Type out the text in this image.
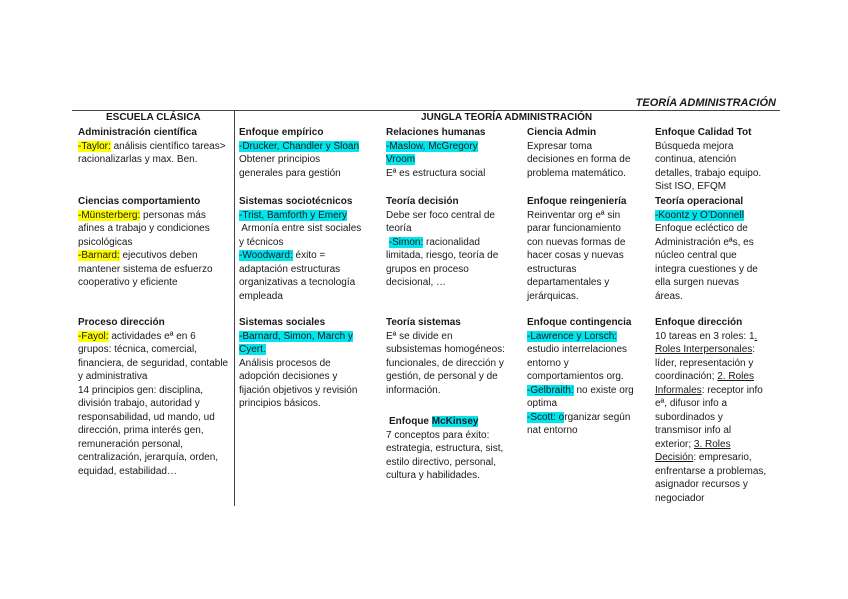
TEORÍA ADMINISTRACIÓN
ESCUELA CLÁSICA	JUNGLA TEORÍA ADMINISTRACIÓN
Administración científica
-Taylor: análisis científico tareas>
racionalizarlas y max. Ben.
Ciencias comportamiento
-Münsterberg: personas más
afines a trabajo y condiciones
psicológicas
-Barnard: ejecutivos deben
mantener sistema de esfuerzo
cooperativo y eficiente
Proceso dirección
-Fayol: actividades eª en 6
grupos: técnica, comercial,
financiera, de seguridad, contable
y administrativa
14 principios gen: disciplina,
división trabajo, autoridad y
responsabilidad, ud mando, ud
dirección, prima interés gen,
remuneración personal,
centralización, jerarquía, orden,
equidad, estabilidad…
Enfoque empírico
-Drucker, Chandler y Sloan
Obtener principios
generales para gestión
Sistemas sociotécnicos
-Trist, Bamforth y Emery
Armonía entre sist sociales
y técnicos
-Woodward: éxito =
adaptación estructuras
organizativas a tecnología
empleada
Sistemas sociales
-Barnard, Simon, March y
Cyert.
Análisis procesos de
adopción decisiones y
fijación objetivos y revisión
principios básicos.
Relaciones humanas
-Maslow, McGregory
Vroom
Eª es estructura social
Teoría decisión
Debe ser foco central de
teoría
-Simon: racionalidad
limitada, riesgo, teoría de
grupos en proceso
decisional, …
Teoría sistemas
Eª se divide en
subsistemas homogéneos:
funcionales, de dirección y
gestión, de personal y de
información.
Enfoque McKinsey
7 conceptos para éxito:
estrategia, estructura, sist,
estilo directivo, personal,
cultura y habilidades.
Ciencia Admin
Expresar toma
decisiones en forma de
problema matemático.
Enfoque reingeniería
Reinventar org eª sin
parar funcionamiento
con nuevas formas de
hacer cosas y nuevas
estructuras
departamentales y
jerárquicas.
Enfoque contingencia
-Lawrence y Lorsch:
estudio interrelaciones
entorno y
comportamientos org.
-Gelbraith: no existe org
optima
-Scott: organizar según
nat entorno
Enfoque Calidad Tot
Búsqueda mejora
continua, atención
detalles, trabajo equipo.
Sist ISO, EFQM
Teoría operacional
-Koontz y O’Donnell
Enfoque ecléctico de
Administración eªs, es
núcleo central que
integra cuestiones y de
ella surgen nuevas
áreas.
Enfoque dirección
10 tareas en 3 roles: 1.
Roles Interpersonales:
líder, representación y
coordinación; 2. Roles
Informales: receptor info
eª, difusor info a
subordinados y
transmisor info al
exterior; 3. Roles
Decisión: empresario,
enfrentarse a problemas,
asignador recursos y
negociador
